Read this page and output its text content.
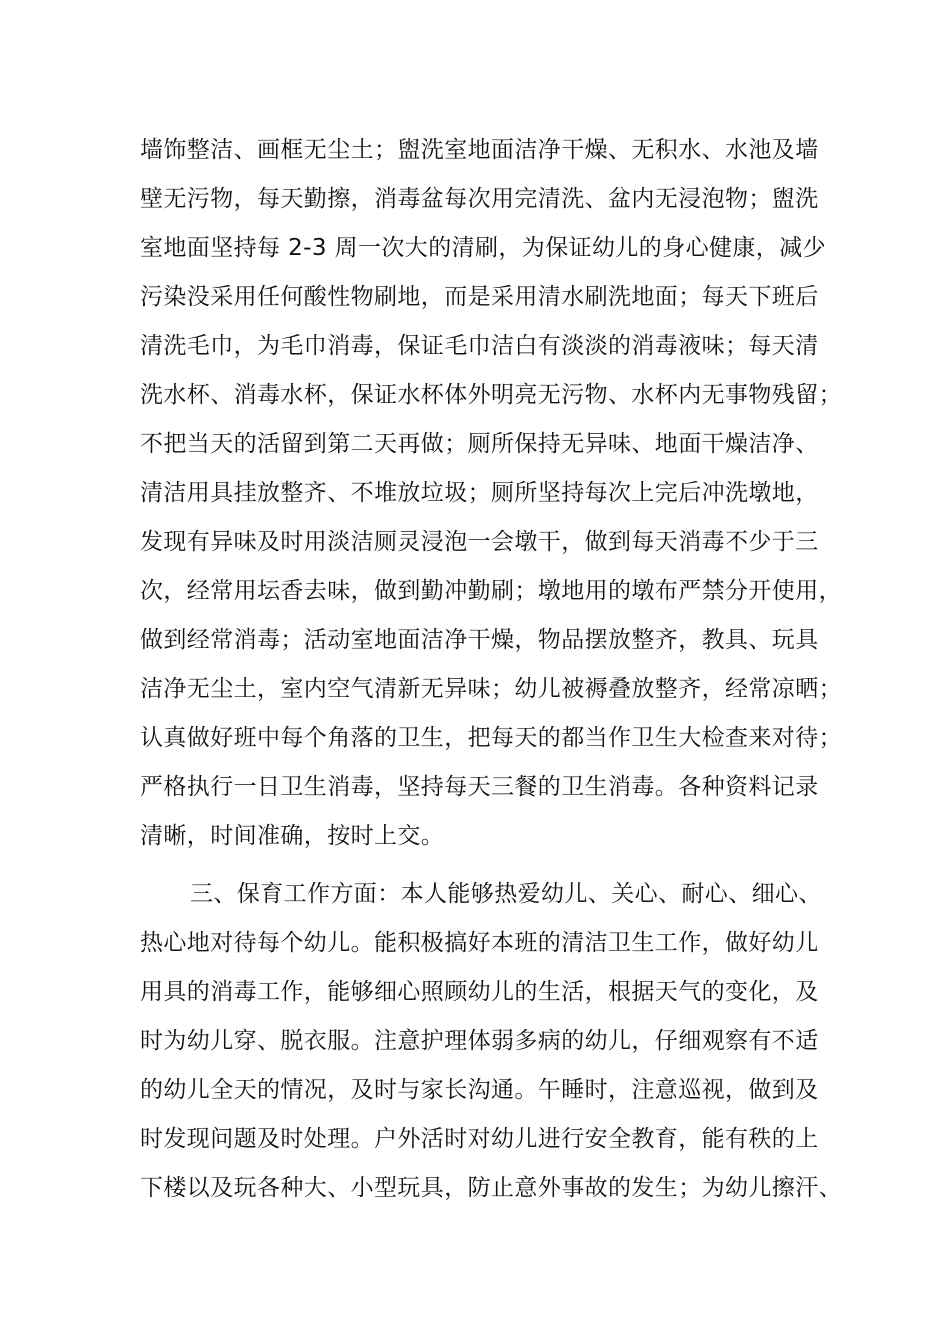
墙饰整洁、画框无尘土；盥洗室地面洁净干燥、无积水、水池及墙
壁无污物，每天勤擦，消毒盆每次用完清洗、盆内无浸泡物；盥洗
室地面坚持每 2-3 周一次大的清刷，为保证幼儿的身心健康，减少
污染没采用任何酸性物刷地，而是采用清水刷洗地面；每天下班后
清洗毛巾，为毛巾消毒，保证毛巾洁白有淡淡的消毒液味；每天清
洗水杯、消毒水杯，保证水杯体外明亮无污物、水杯内无事物残留；
不把当天的活留到第二天再做；厕所保持无异味、地面干燥洁净、
清洁用具挂放整齐、不堆放垃圾；厕所坚持每次上完后冲洗墩地，
发现有异味及时用淡洁厕灵浸泡一会墩干，做到每天消毒不少于三
次，经常用坛香去味，做到勤冲勤刷；墩地用的墩布严禁分开使用，
做到经常消毒；活动室地面洁净干燥，物品摆放整齐，教具、玩具
洁净无尘土，室内空气清新无异味；幼儿被褥叠放整齐，经常凉晒；
认真做好班中每个角落的卫生，把每天的都当作卫生大检查来对待；
严格执行一日卫生消毒，坚持每天三餐的卫生消毒。各种资料记录
清晰，时间准确，按时上交。
三、保育工作方面：本人能够热爱幼儿、关心、耐心、细心、
热心地对待每个幼儿。能积极搞好本班的清洁卫生工作，做好幼儿
用具的消毒工作，能够细心照顾幼儿的生活，根据天气的变化，及
时为幼儿穿、脱衣服。注意护理体弱多病的幼儿，仔细观察有不适
的幼儿全天的情况，及时与家长沟通。午睡时，注意巡视，做到及
时发现问题及时处理。户外活时对幼儿进行安全教育，能有秩的上
下楼以及玩各种大、小型玩具，防止意外事故的发生；为幼儿擦汗、
